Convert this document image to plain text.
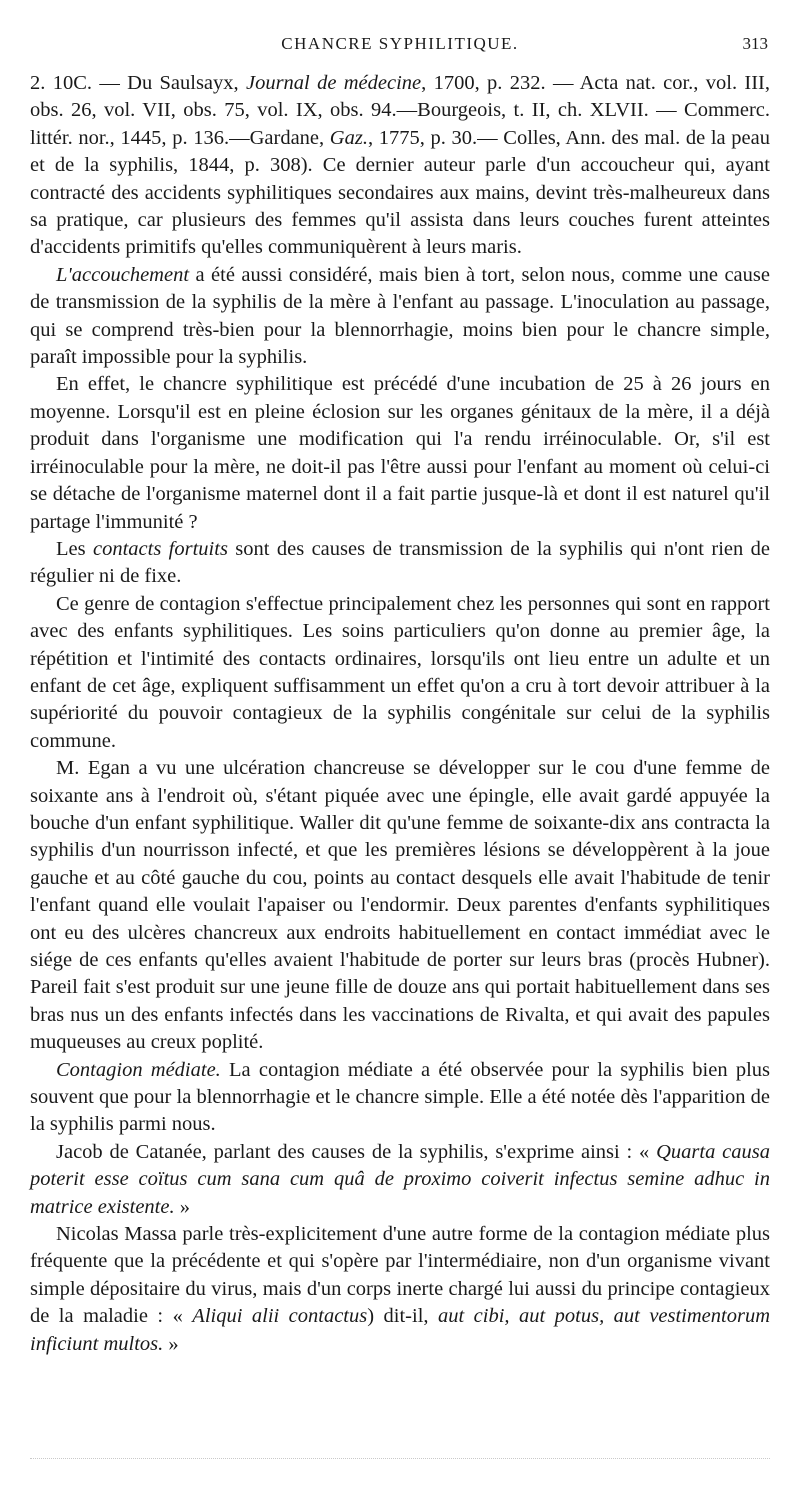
CHANCRE SYPHILITIQUE.	313

2. 10C. — Du Saulsayx, Journal de médecine, 1700, p. 232. — Acta nat. cor., vol. III, obs. 26, vol. VII, obs. 75, vol. IX, obs. 94.—Bourgeois, t. II, ch. XLVII. — Commerc. littér. nor., 1445, p. 136.—Gardane, Gaz., 1775, p. 30.— Colles, Ann. des mal. de la peau et de la syphilis, 1844, p. 308). Ce dernier auteur parle d'un accoucheur qui, ayant contracté des accidents syphilitiques secondaires aux mains, devint très-malheureux dans sa pratique, car plusieurs des femmes qu'il assista dans leurs couches furent atteintes d'accidents primitifs qu'elles communiquèrent à leurs maris.

L'accouchement a été aussi considéré, mais bien à tort, selon nous, comme une cause de transmission de la syphilis de la mère à l'enfant au passage. L'inoculation au passage, qui se comprend très-bien pour la blennorrhagie, moins bien pour le chancre simple, paraît impossible pour la syphilis.

En effet, le chancre syphilitique est précédé d'une incubation de 25 à 26 jours en moyenne. Lorsqu'il est en pleine éclosion sur les organes génitaux de la mère, il a déjà produit dans l'organisme une modification qui l'a rendu irréinoculable. Or, s'il est irréinoculable pour la mère, ne doit-il pas l'être aussi pour l'enfant au moment où celui-ci se détache de l'organisme maternel dont il a fait partie jusque-là et dont il est naturel qu'il partage l'immunité ?

Les contacts fortuits sont des causes de transmission de la syphilis qui n'ont rien de régulier ni de fixe.

Ce genre de contagion s'effectue principalement chez les personnes qui sont en rapport avec des enfants syphilitiques. Les soins particuliers qu'on donne au premier âge, la répétition et l'intimité des contacts ordinaires, lorsqu'ils ont lieu entre un adulte et un enfant de cet âge, expliquent suffisamment un effet qu'on a cru à tort devoir attribuer à la supériorité du pouvoir contagieux de la syphilis congénitale sur celui de la syphilis commune.

M. Egan a vu une ulcération chancreuse se développer sur le cou d'une femme de soixante ans à l'endroit où, s'étant piquée avec une épingle, elle avait gardé appuyée la bouche d'un enfant syphilitique. Waller dit qu'une femme de soixante-dix ans contracta la syphilis d'un nourrisson infecté, et que les premières lésions se développèrent à la joue gauche et au côté gauche du cou, points au contact desquels elle avait l'habitude de tenir l'enfant quand elle voulait l'apaiser ou l'endormir. Deux parentes d'enfants syphilitiques ont eu des ulcères chancreux aux endroits habituellement en contact immédiat avec le siége de ces enfants qu'elles avaient l'habitude de porter sur leurs bras (procès Hubner). Pareil fait s'est produit sur une jeune fille de douze ans qui portait habituellement dans ses bras nus un des enfants infectés dans les vaccinations de Rivalta, et qui avait des papules muqueuses au creux poplité.

Contagion médiate. La contagion médiate a été observée pour la syphilis bien plus souvent que pour la blennorrhagie et le chancre simple. Elle a été notée dès l'apparition de la syphilis parmi nous.

Jacob de Catanée, parlant des causes de la syphilis, s'exprime ainsi : « Quarta causa poterit esse coïtus cum sana cum quâ de proximo coiverit infectus semine adhuc in matrice existente. »

Nicolas Massa parle très-explicitement d'une autre forme de la contagion médiate plus fréquente que la précédente et qui s'opère par l'intermédiaire, non d'un organisme vivant simple dépositaire du virus, mais d'un corps inerte chargé lui aussi du principe contagieux de la maladie : « Aliqui alii contactus) dit-il, aut cibi, aut potus, aut vestimentorum inficiunt multos. »
